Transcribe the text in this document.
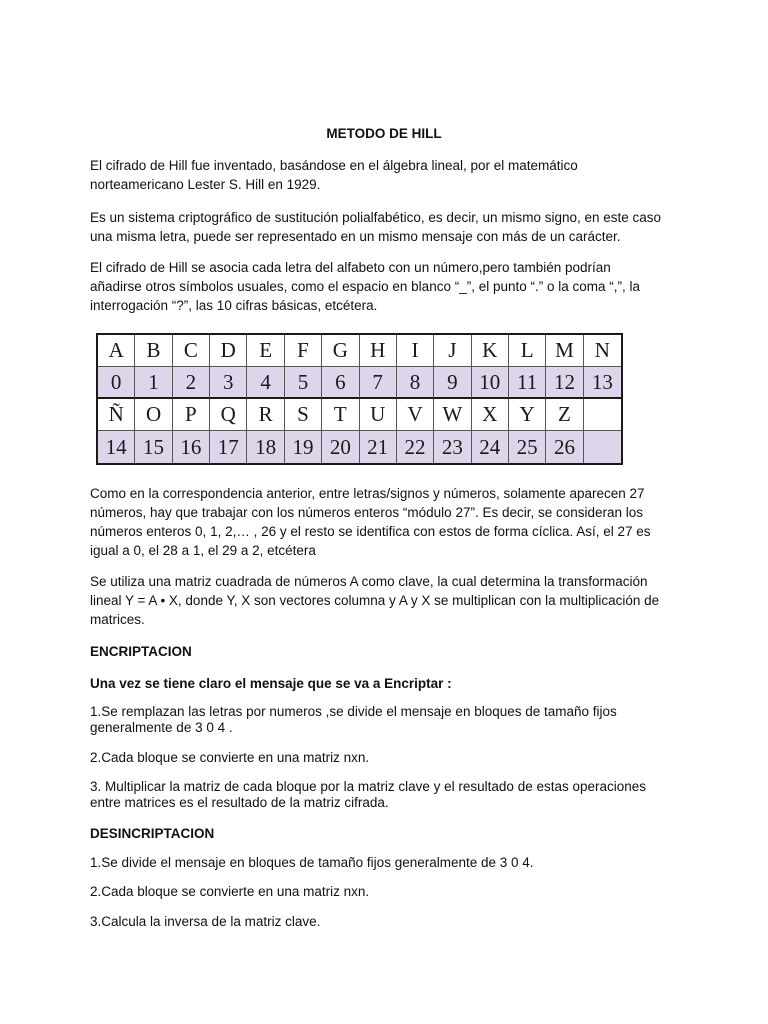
METODO DE HILL

El cifrado de Hill fue inventado, basándose en el álgebra lineal, por el matemático
norteamericano Lester S. Hill en 1929.

Es un sistema criptográfico de sustitución polialfabético, es decir, un mismo signo, en este caso
una misma letra, puede ser representado en un mismo mensaje con más de un carácter.

El cifrado de Hill se asocia cada letra del alfabeto con un número,pero también podrían
añadirse otros símbolos usuales, como el espacio en blanco “_”, el punto “.” o la coma “,”, la
interrogación “?”, las 10 cifras básicas, etcétera.

A	B	C	D	E	F	G	H	I	J	K	L	M N
0	1	2	3	4	5	6	7	8	9	10 11 12 13
Ñ	O	P	Q	R	S	T	U	V W X	Y	Z
14 15 16 17 18 19 20 21 22 23 24 25 26

Como en la correspondencia anterior, entre letras/signos y números, solamente aparecen 27
números, hay que trabajar con los números enteros “módulo 27”. Es decir, se consideran los
números enteros 0, 1, 2,… , 26 y el resto se identifica con estos de forma cíclica. Así, el 27 es
igual a 0, el 28 a 1, el 29 a 2, etcétera

Se utiliza una matriz cuadrada de números A como clave, la cual determina la transformación
lineal Y = A • X, donde Y, X son vectores columna y A y X se multiplican con la multiplicación de
matrices.

ENCRIPTACION

Una vez se tiene claro el mensaje que se va a Encriptar :

1.Se remplazan las letras por numeros ,se divide el mensaje en bloques de tamaño fijos
generalmente de 3 0 4 .

2.Cada bloque se convierte en una matriz nxn.

3. Multiplicar la matriz de cada bloque por la matriz clave y el resultado de estas operaciones
entre matrices es el resultado de la matriz cifrada.

DESINCRIPTACION

1.Se divide el mensaje en bloques de tamaño fijos generalmente de 3 0 4.

2.Cada bloque se convierte en una matriz nxn.

3.Calcula la inversa de la matriz clave.
